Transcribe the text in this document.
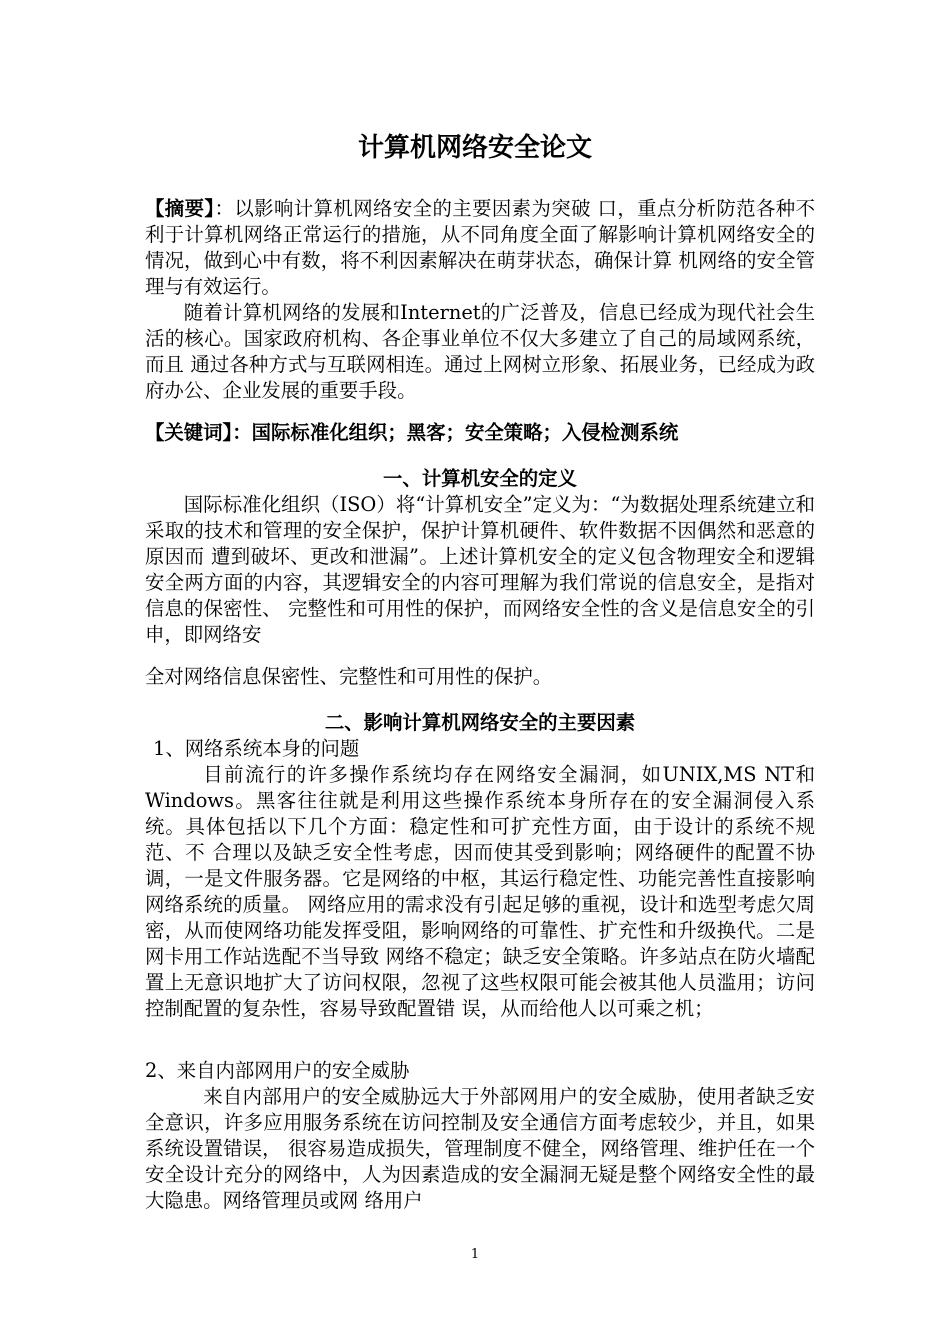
计算机网络安全论文

【摘要】：以影响计算机网络安全的主要因素为突破 口，重点分析防范各种不利于计算机网络正常运行的措施，从不同角度全面了解影响计算机网络安全的情况，做到心中有数，将不利因素解决在萌芽状态，确保计算 机网络的安全管理与有效运行。

随着计算机网络的发展和Internet的广泛普及，信息已经成为现代社会生活的核心。国家政府机构、各企事业单位不仅大多建立了自己的局域网系统，而且 通过各种方式与互联网相连。通过上网树立形象、拓展业务，已经成为政府办公、企业发展的重要手段。

【关键词】：国际标准化组织；黑客；安全策略；入侵检测系统

一、计算机安全的定义

国际标准化组织（ISO）将“计算机安全”定义为：“为数据处理系统建立和采取的技术和管理的安全保护，保护计算机硬件、软件数据不因偶然和恶意的原因而 遭到破坏、更改和泄漏”。上述计算机安全的定义包含物理安全和逻辑安全两方面的内容，其逻辑安全的内容可理解为我们常说的信息安全，是指对信息的保密性、 完整性和可用性的保护，而网络安全性的含义是信息安全的引申，即网络安

全对网络信息保密性、完整性和可用性的保护。

二、影响计算机网络安全的主要因素
1、网络系统本身的问题

目前流行的许多操作系统均存在网络安全漏洞，如UNIX,MS NT和Windows。黑客往往就是利用这些操作系统本身所存在的安全漏洞侵入系统。具体包括以下几个方面：稳定性和可扩充性方面，由于设计的系统不规范、不 合理以及缺乏安全性考虑，因而使其受到影响；网络硬件的配置不协调，一是文件服务器。它是网络的中枢，其运行稳定性、功能完善性直接影响网络系统的质量。 网络应用的需求没有引起足够的重视，设计和选型考虑欠周密，从而使网络功能发挥受阻，影响网络的可靠性、扩充性和升级换代。二是网卡用工作站选配不当导致 网络不稳定；缺乏安全策略。许多站点在防火墙配置上无意识地扩大了访问权限，忽视了这些权限可能会被其他人员滥用；访问控制配置的复杂性，容易导致配置错 误，从而给他人以可乘之机；

2、来自内部网用户的安全威胁

来自内部用户的安全威胁远大于外部网用户的安全威胁，使用者缺乏安全意识，许多应用服务系统在访问控制及安全通信方面考虑较少，并且，如果系统设置错误， 很容易造成损失，管理制度不健全，网络管理、维护任在一个安全设计充分的网络中，人为因素造成的安全漏洞无疑是整个网络安全性的最大隐患。网络管理员或网 络用户

1
